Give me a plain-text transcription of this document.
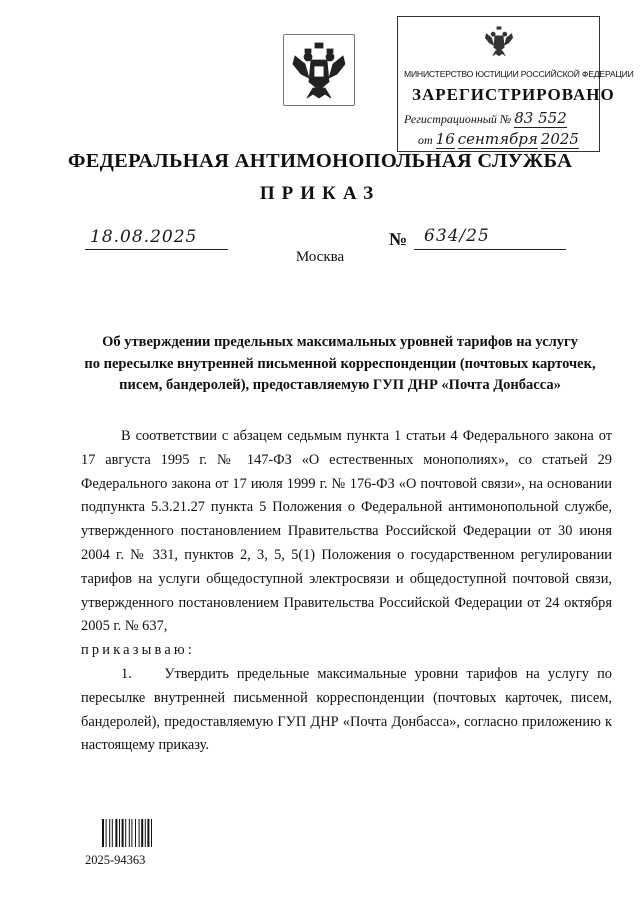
МИНИСТЕРСТВО ЮСТИЦИИ РОССИЙСКОЙ ФЕДЕРАЦИИ
ЗАРЕГИСТРИРОВАНО
Регистрационный № 83 552
от 16 сентября 2025
ФЕДЕРАЛЬНАЯ АНТИМОНОПОЛЬНАЯ СЛУЖБА
ПРИКАЗ
18.08.2025	№ 634/25
Москва
Об утверждении предельных максимальных уровней тарифов на услугу
по пересылке внутренней письменной корреспонденции (почтовых карточек,
писем, бандеролей), предоставляемую ГУП ДНР «Почта Донбасса»

В соответствии с абзацем седьмым пункта 1 статьи 4 Федерального закона от 17 августа 1995 г. № 147-ФЗ «О естественных монополиях», со статьей 29 Федерального закона от 17 июля 1999 г. № 176-ФЗ «О почтовой связи», на основании подпункта 5.3.21.27 пункта 5 Положения о Федеральной антимонопольной службе, утвержденного постановлением Правительства Российской Федерации от 30 июня 2004 г. № 331, пунктов 2, 3, 5, 5(1) Положения о государственном регулировании тарифов на услуги общедоступной электросвязи и общедоступной почтовой связи, утвержденного постановлением Правительства Российской Федерации от 24 октября 2005 г. № 637,

приказываю:

1. Утвердить предельные максимальные уровни тарифов на услугу по пересылке внутренней письменной корреспонденции (почтовых карточек, писем, бандеролей), предоставляемую ГУП ДНР «Почта Донбасса», согласно приложению к настоящему приказу.

2025-94363
